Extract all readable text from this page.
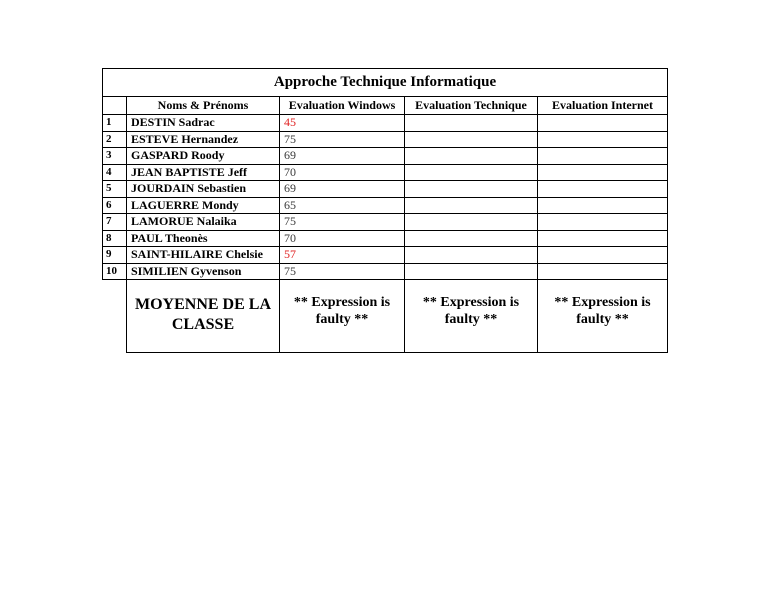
Approche Technique Informatique				
	Noms & Prénoms	Evaluation Windows	Evaluation Technique	Evaluation Internet
1	DESTIN Sadrac	45		
2	ESTEVE Hernandez	75		
3	GASPARD Roody	69		
4	JEAN BAPTISTE Jeff	70		
5	JOURDAIN Sebastien	69		
6	LAGUERRE Mondy	65		
7	LAMORUE Nalaika	75		
8	PAUL Theonès	70		
9	SAINT-HILAIRE Chelsie	57		
10	SIMILIEN Gyvenson	75		

	MOYENNE DE LA CLASSE	** Expression is faulty **	** Expression is faulty **	** Expression is faulty **
